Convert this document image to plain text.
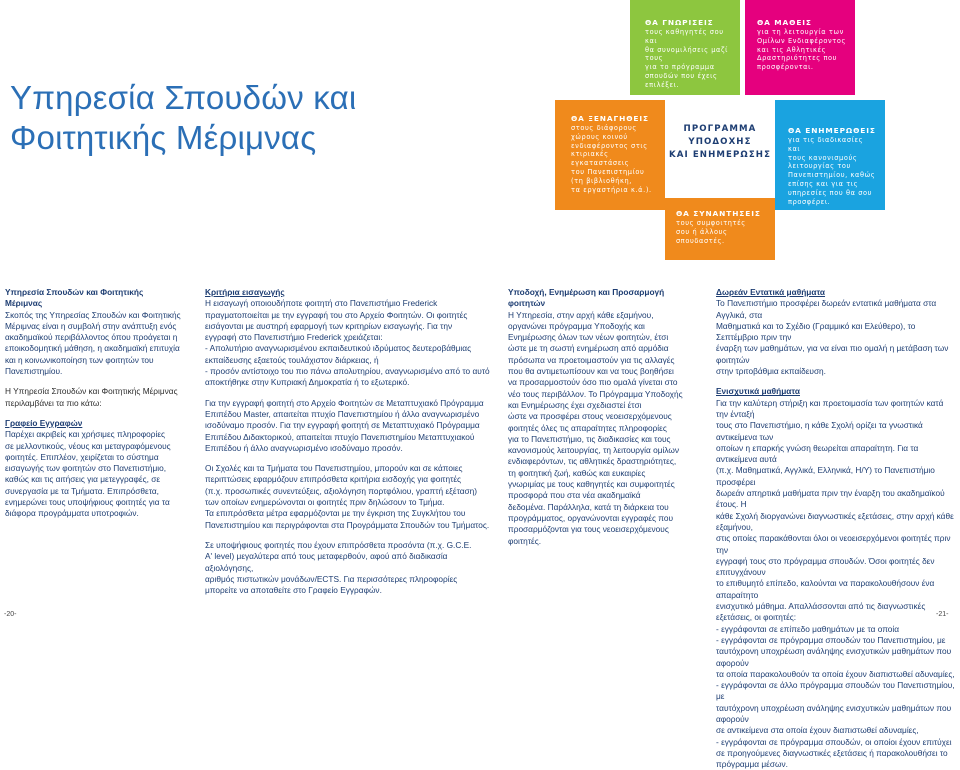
Υπηρεσία Σπουδών και Φοιτητικής Μέριμνας
ΘΑ ΓΝΩΡΙΣΕΙΣ
τους καθηγητές σου και
θα συνομιλήσεις μαζί τους
για το πρόγραμμα
σπουδών που έχεις
επιλέξει.
ΘΑ ΜΑΘΕΙΣ
για τη λειτουργία των
Ομίλων Ενδιαφέροντος
και τις Αθλητικές
Δραστηριότητες που
προσφέρονται.
ΘΑ ΞΕΝΑΓΗΘΕΙΣ
στους διάφορους
χώρους κοινού
ενδιαφέροντος στις
κτιριακές
εγκαταστάσεις
του Πανεπιστημίου
(τη βιβλιοθήκη,
τα εργαστήρια κ.ά.).
ΠΡΟΓΡΑΜΜΑ
ΥΠΟΔΟΧΗΣ
ΚΑΙ ΕΝΗΜΕΡΩΣΗΣ
ΘΑ ΕΝΗΜΕΡΩΘΕΙΣ
για τις διαδικασίες και
τους κανονισμούς
λειτουργίας του
Πανεπιστημίου, καθώς
επίσης και για τις
υπηρεσίες που θα σου
προσφέρει.
ΘΑ ΣΥΝΑΝΤΗΣΕΙΣ
τους συμφοιτητές
σου ή άλλους
σπουδαστές.
Υπηρεσία Σπουδών και Φοιτητικής
Μέριμνας
Σκοπός της Υπηρεσίας Σπουδών και Φοιτητικής
Μέριμνας είναι η συμβολή στην ανάπτυξη ενός
ακαδημαϊκού περιβάλλοντος όπου προάγεται η
εποικοδομητική μάθηση, η ακαδημαϊκή επιτυχία
και η κοινωνικοποίηση των φοιτητών του
Πανεπιστημίου.
Η Υπηρεσία Σπουδών και Φοιτητικής Μέριμνας
περιλαμβάνει τα πιο κάτω:
Γραφείο Εγγραφών
Παρέχει ακριβείς και χρήσιμες πληροφορίες
σε μελλοντικούς, νέους και μεταγραφόμενους
φοιτητές. Επιπλέον, χειρίζεται το σύστημα
εισαγωγής των φοιτητών στο Πανεπιστήμιο,
καθώς και τις αιτήσεις για μετεγγραφές, σε
συνεργασία με τα Τμήματα. Επιπρόσθετα,
ενημερώνει τους υποψήφιους φοιτητές για τα
διάφορα προγράμματα υποτροφιών.
Κριτήρια εισαγωγής
Η εισαγωγή οποιουδήποτε φοιτητή στο Πανεπιστήμιο Frederick
πραγματοποιείται με την εγγραφή του στο Αρχείο Φοιτητών. Οι φοιτητές
εισάγονται με αυστηρή εφαρμογή των κριτηρίων εισαγωγής. Για την
εγγραφή στο Πανεπιστήμιο Frederick χρειάζεται:
- Απολυτήριο αναγνωρισμένου εκπαιδευτικού ιδρύματος δευτεροβάθμιας
εκπαίδευσης εξαετούς τουλάχιστον διάρκειας, ή
- προσόν αντίστοιχο του πιο πάνω απολυτηρίου, αναγνωρισμένο από το αυτό
αποκτήθηκε στην Κυπριακή Δημοκρατία ή το εξωτερικό.
Για την εγγραφή φοιτητή στο Αρχείο Φοιτητών σε Μεταπτυχιακό Πρόγραμμα
Επιπέδου Master, απαιτείται πτυχίο Πανεπιστημίου ή άλλο αναγνωρισμένο
ισοδύναμο προσόν. Για την εγγραφή φοιτητή σε Μεταπτυχιακό Πρόγραμμα
Επιπέδου Διδακτορικού, απαιτείται πτυχίο Πανεπιστημίου Μεταπτυχιακού
Επιπέδου ή άλλο αναγνωρισμένο ισοδύναμο προσόν.
Οι Σχολές και τα Τμήματα του Πανεπιστημίου, μπορούν και σε κάποιες
περιπτώσεις εφαρμόζουν επιπρόσθετα κριτήρια εισδοχής για φοιτητές
(π.χ. προσωπικές συνεντεύξεις, αξιολόγηση πορτφόλιου, γραπτή εξέταση)
των οποίων ενημερώνονται οι φοιτητές πριν δηλώσουν το Τμήμα.
Τα επιπρόσθετα μέτρα εφαρμόζονται με την έγκριση της Συγκλήτου του
Πανεπιστημίου και περιγράφονται στα Προγράμματα Σπουδών του Τμήματος.
Σε υποψήφιους φοιτητές που έχουν επιπρόσθετα προσόντα (π.χ. G.C.E.
A' level) μεγαλύτερα από τους μεταφερθούν, αφού από διαδικασία αξιολόγησης,
αριθμός πιστωτικών μονάδων/ECTS. Για περισσότερες πληροφορίες
μπορείτε να αποταθείτε στο Γραφείο Εγγραφών.
Υποδοχή, Ενημέρωση και Προσαρμογή
φοιτητών
Η Υπηρεσία, στην αρχή κάθε εξαμήνου,
οργανώνει πρόγραμμα Υποδοχής και
Ενημέρωσης όλων των νέων φοιτητών, έτσι
ώστε με τη σωστή ενημέρωση από αρμόδια
πρόσωπα να προετοιμαστούν για τις αλλαγές
που θα αντιμετωπίσουν και να τους βοηθήσει
να προσαρμοστούν όσο πιο ομαλά γίνεται στο
νέο τους περιβάλλον. Το Πρόγραμμα Υποδοχής
και Ενημέρωσης έχει σχεδιαστεί έτσι
ώστε να προσφέρει στους νεοεισερχόμενους
φοιτητές όλες τις απαραίτητες πληροφορίες
για το Πανεπιστήμιο, τις διαδικασίες και τους
κανονισμούς λειτουργίας, τη λειτουργία ομίλων
ενδιαφερόντων, τις αθλητικές δραστηριότητες,
τη φοιτητική ζωή, καθώς και ευκαιρίες
γνωριμίας με τους καθηγητές και συμφοιτητές
προσφορά που στα νέα ακαδημαϊκά
δεδομένα. Παράλληλα, κατά τη διάρκεια του
προγράμματος, οργανώνονται εγγραφές που
προσαρμόζονται για τους νεοεισερχόμενους φοιτητές.
Δωρεάν Εντατικά μαθήματα
Το Πανεπιστήμιο προσφέρει δωρεάν εντατικά μαθήματα στα Αγγλικά, στα
Μαθηματικά και το Σχέδιο (Γραμμικό και Ελεύθερο), το Σεπτέμβριο πριν την
έναρξη των μαθημάτων, για να είναι πιο ομαλή η μετάβαση των φοιτητών
στην τριτοβάθμια εκπαίδευση.
Ενισχυτικά μαθήματα
Για την καλύτερη στήριξη και προετοιμασία των φοιτητών κατά την ένταξή
τους στο Πανεπιστήμιο, η κάθε Σχολή ορίζει τα γνωστικά αντικείμενα των
οποίων η επαρκής γνώση θεωρείται απαραίτητη. Για τα αντικείμενα αυτά
(π.χ. Μαθηματικά, Αγγλικά, Ελληνικά, Η/Υ) το Πανεπιστήμιο προσφέρει
δωρεάν απηρτικά μαθήματα πριν την έναρξη του ακαδημαϊκού έτους. Η
κάθε Σχολή διοργανώνει διαγνωστικές εξετάσεις, στην αρχή κάθε εξαμήνου,
στις οποίες παρακάθονται όλοι οι νεοεισερχόμενοι φοιτητές πριν την
εγγραφή τους στο πρόγραμμα σπουδών. Όσοι φοιτητές δεν επιτυγχάνουν
το επιθυμητό επίπεδο, καλούνται να παρακολουθήσουν ένα απαραίτητο
ενισχυτικό μάθημα. Απαλλάσσονται από τις διαγνωστικές
εξετάσεις, οι φοιτητές:
- εγγράφονται σε επίπεδο μαθημάτων με τα οποία
- εγγράφονται σε πρόγραμμα σπουδών του Πανεπιστημίου, με
ταυτόχρονη υποχρέωση ανάληψης ενισχυτικών μαθημάτων που αφορούν
τα οποία παρακολουθούν τα οποία έχουν διαπιστωθεί αδυναμίες,
- εγγράφονται σε άλλο πρόγραμμα σπουδών του Πανεπιστημίου, με
ταυτόχρονη υποχρέωση ανάληψης ενισχυτικών μαθημάτων που αφορούν
σε αντικείμενα στα οποία έχουν διαπιστωθεί αδυναμίες,
- εγγράφονται σε πρόγραμμα σπουδών, οι οποίοι έχουν επιτύχει
σε προηγούμενες διαγνωστικές εξετάσεις ή παρακολουθήσει το
πρόγραμμα μέσων.
-20-	-21-
